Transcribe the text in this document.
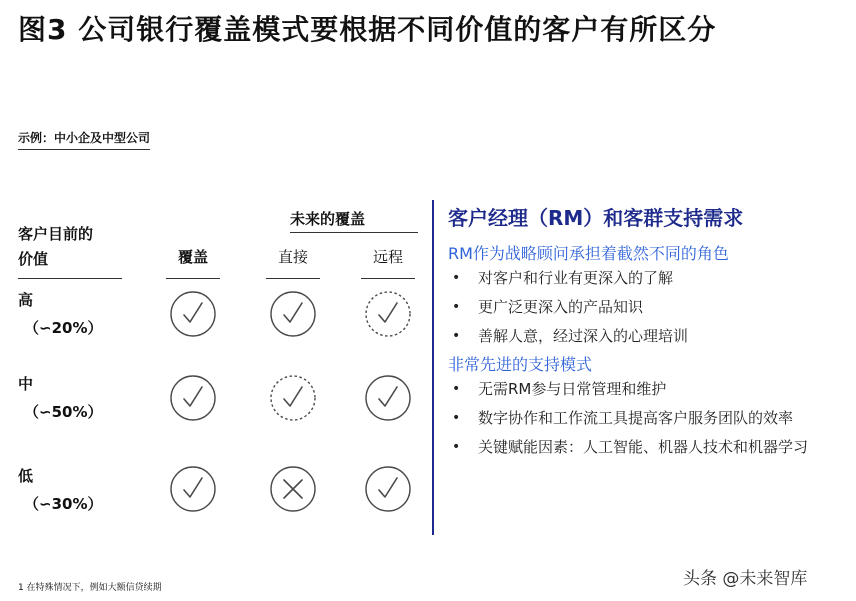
图3 公司银行覆盖模式要根据不同价值的客户有所区分
示例：中小企及中型公司
未来的覆盖
客户目前的
价值	覆盖	直接	远程
高
（∽20%）
中
（∽50%）
低
（∽30%）
客户经理（RM）和客群支持需求
RM作为战略顾问承担着截然不同的角色
• 对客户和行业有更深入的了解
• 更广泛更深入的产品知识
• 善解人意，经过深入的心理培训
非常先进的支持模式
• 无需RM参与日常管理和维护
• 数字协作和工作流工具提高客户服务团队的效率
• 关键赋能因素：人工智能、机器人技术和机器学习
1 在特殊情况下，例如大额信贷续期	头条 @未来智库
